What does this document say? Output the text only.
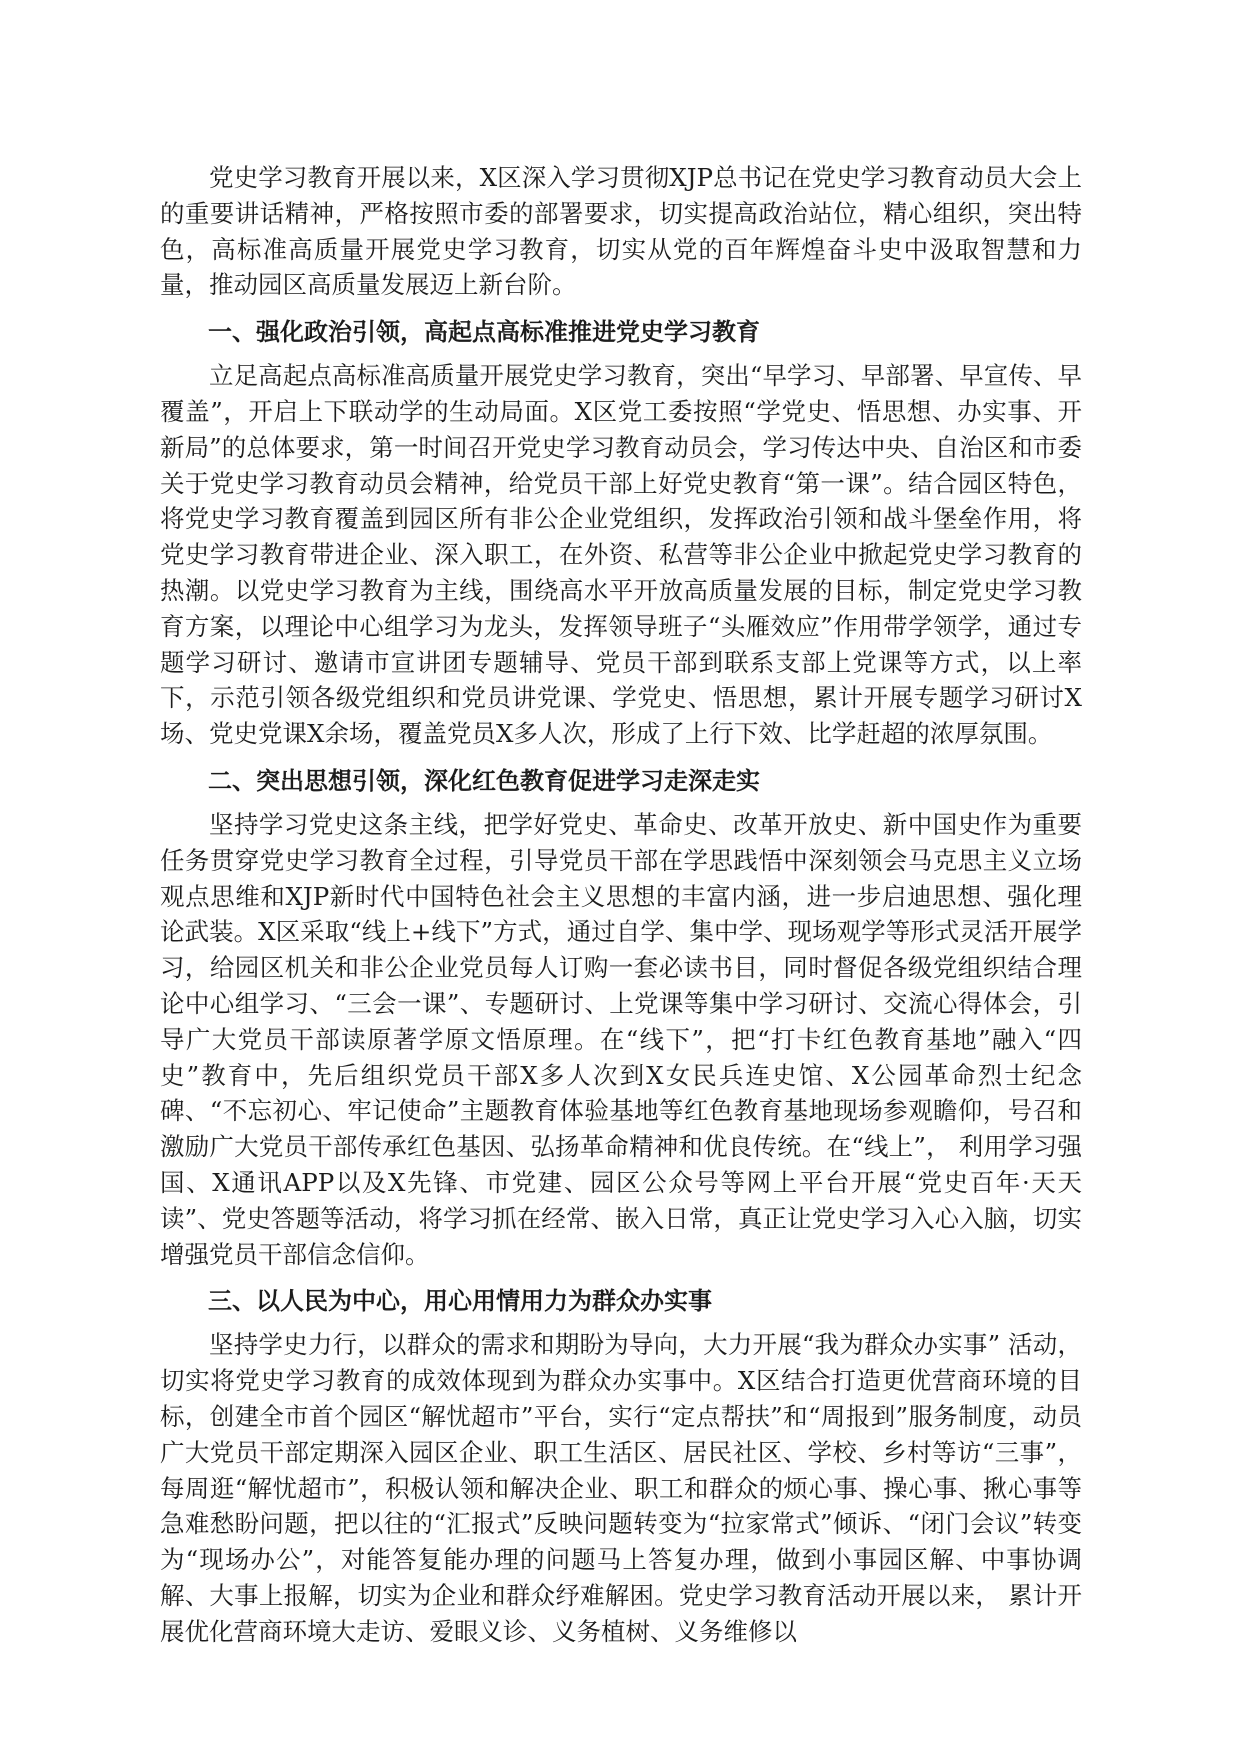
党史学习教育开展以来，X区深入学习贯彻XJP总书记在党史学习教育动员大会上的重要讲话精神，严格按照市委的部署要求，切实提高政治站位，精心组织，突出特色，高标准高质量开展党史学习教育，切实从党的百年辉煌奋斗史中汲取智慧和力量，推动园区高质量发展迈上新台阶。

一、强化政治引领，高起点高标准推进党史学习教育

立足高起点高标准高质量开展党史学习教育，突出“早学习、早部署、早宣传、早覆盖”，开启上下联动学的生动局面。X区党工委按照“学党史、悟思想、办实事、开新局”的总体要求，第一时间召开党史学习教育动员会，学习传达中央、自治区和市委关于党史学习教育动员会精神，给党员干部上好党史教育“第一课”。结合园区特色，将党史学习教育覆盖到园区所有非公企业党组织，发挥政治引领和战斗堡垒作用，将党史学习教育带进企业、深入职工，在外资、私营等非公企业中掀起党史学习教育的热潮。以党史学习教育为主线，围绕高水平开放高质量发展的目标，制定党史学习教育方案，以理论中心组学习为龙头，发挥领导班子“头雁效应”作用带学领学，通过专题学习研讨、邀请市宣讲团专题辅导、党员干部到联系支部上党课等方式，以上率下，示范引领各级党组织和党员讲党课、学党史、悟思想，累计开展专题学习研讨X场、党史党课X余场，覆盖党员X多人次，形成了上行下效、比学赶超的浓厚氛围。

二、突出思想引领，深化红色教育促进学习走深走实

坚持学习党史这条主线，把学好党史、革命史、改革开放史、新中国史作为重要任务贯穿党史学习教育全过程，引导党员干部在学思践悟中深刻领会马克思主义立场观点思维和XJP新时代中国特色社会主义思想的丰富内涵，进一步启迪思想、强化理论武装。X区采取“线上+线下”方式，通过自学、集中学、现场观学等形式灵活开展学习，给园区机关和非公企业党员每人订购一套必读书目，同时督促各级党组织结合理论中心组学习、“三会一课”、专题研讨、上党课等集中学习研讨、交流心得体会，引导广大党员干部读原著学原文悟原理。在“线下”，把“打卡红色教育基地”融入“四史”教育中，先后组织党员干部X多人次到X女民兵连史馆、X公园革命烈士纪念碑、“不忘初心、牢记使命”主题教育体验基地等红色教育基地现场参观瞻仰，号召和激励广大党员干部传承红色基因、弘扬革命精神和优良传统。在“线上”， 利用学习强国、X通讯APP以及X先锋、市党建、园区公众号等网上平台开展“党史百年·天天读”、党史答题等活动，将学习抓在经常、嵌入日常，真正让党史学习入心入脑，切实增强党员干部信念信仰。

三、以人民为中心，用心用情用力为群众办实事

坚持学史力行，以群众的需求和期盼为导向，大力开展“我为群众办实事” 活动，切实将党史学习教育的成效体现到为群众办实事中。X区结合打造更优营商环境的目标，创建全市首个园区“解忧超市”平台，实行“定点帮扶”和“周报到”服务制度，动员广大党员干部定期深入园区企业、职工生活区、居民社区、学校、乡村等访“三事”，每周逛“解忧超市”，积极认领和解决企业、职工和群众的烦心事、操心事、揪心事等急难愁盼问题，把以往的“汇报式”反映问题转变为“拉家常式”倾诉、“闭门会议”转变为“现场办公”，对能答复能办理的问题马上答复办理，做到小事园区解、中事协调解、大事上报解，切实为企业和群众纾难解困。党史学习教育活动开展以来， 累计开展优化营商环境大走访、爱眼义诊、义务植树、义务维修以
